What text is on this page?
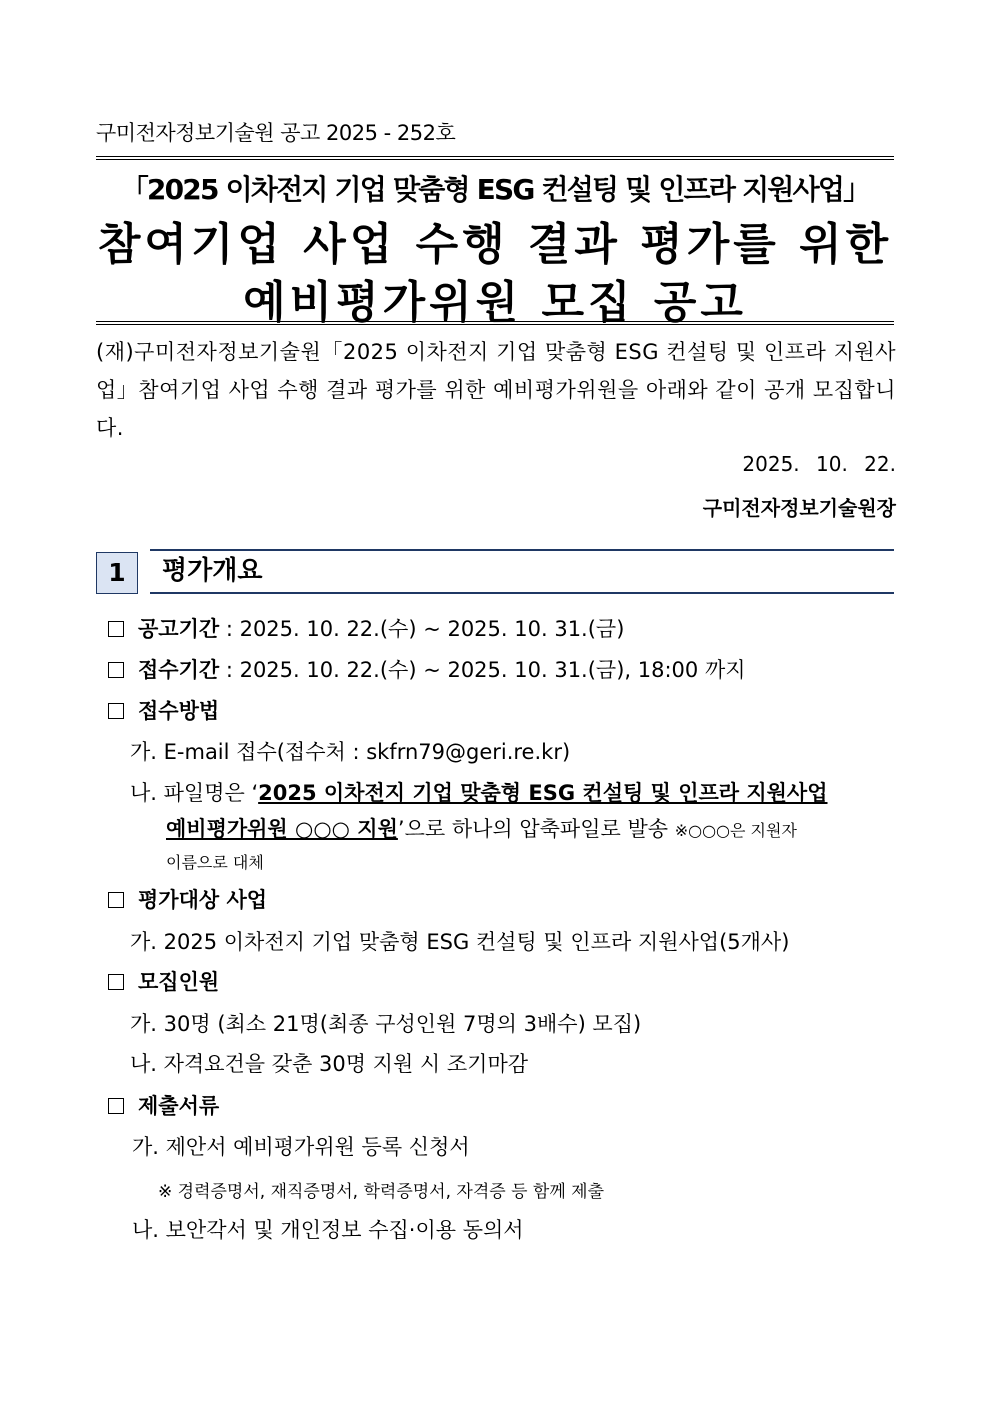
구미전자정보기술원 공고 2025 - 252호
「2025 이차전지 기업 맞춤형 ESG 컨설팅 및 인프라 지원사업」
참여기업 사업 수행 결과 평가를 위한
예비평가위원 모집 공고
(재)구미전자정보기술원「2025 이차전지 기업 맞춤형 ESG 컨설팅 및 인프라 지원사업」참여기업 사업 수행 결과 평가를 위한 예비평가위원을 아래와 같이 공개 모집합니다.
2025. 10. 22.
구미전자정보기술원장
1	평가개요
공고기간 : 2025. 10. 22.(수) ~ 2025. 10. 31.(금)
접수기간 : 2025. 10. 22.(수) ~ 2025. 10. 31.(금), 18:00 까지
접수방법
가. E-mail 접수(접수처 : skfrn79@geri.re.kr)
나. 파일명은 ‘2025 이차전지 기업 맞춤형 ESG 컨설팅 및 인프라 지원사업
예비평가위원 ○○○ 지원’으로 하나의 압축파일로 발송 ※○○○은 지원자
이름으로 대체
평가대상 사업
가. 2025 이차전지 기업 맞춤형 ESG 컨설팅 및 인프라 지원사업(5개사)
모집인원
가. 30명 (최소 21명(최종 구성인원 7명의 3배수) 모집)
나. 자격요건을 갖춘 30명 지원 시 조기마감
제출서류
가. 제안서 예비평가위원 등록 신청서
※ 경력증명서, 재직증명서, 학력증명서, 자격증 등 함께 제출
나. 보안각서 및 개인정보 수집·이용 동의서
